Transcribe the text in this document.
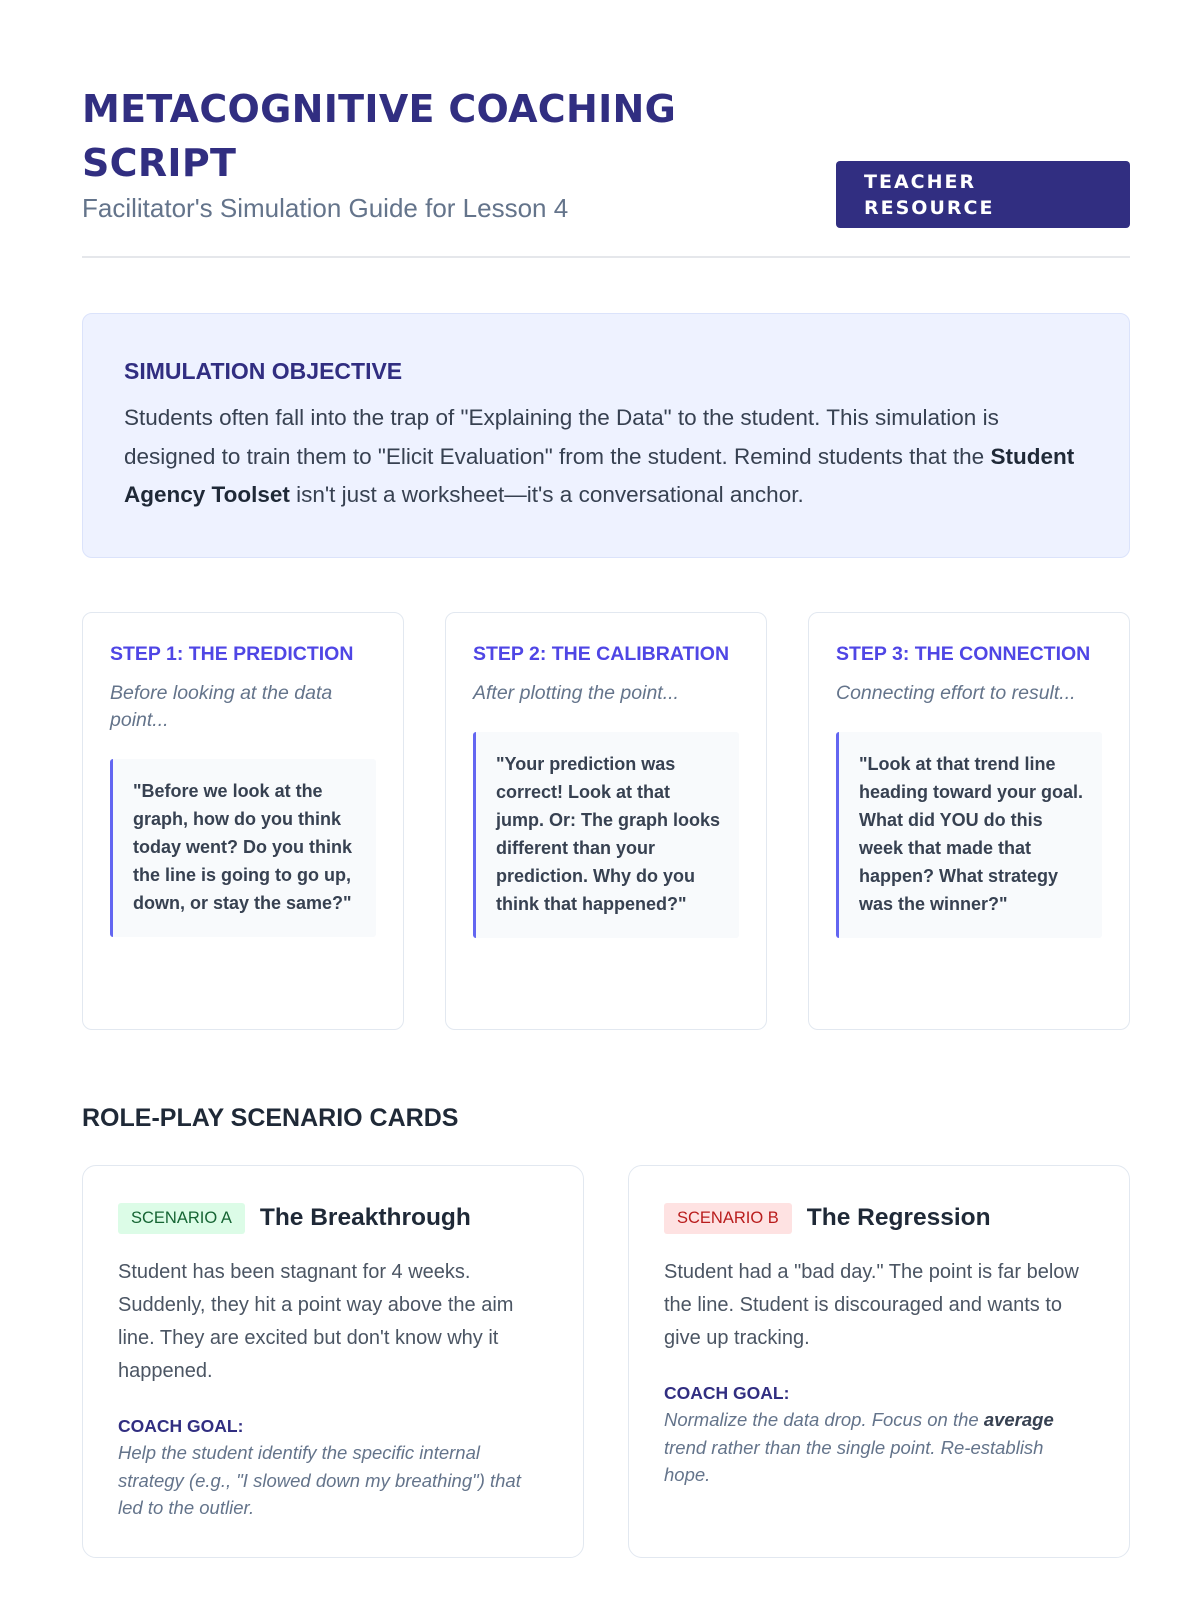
METACOGNITIVE COACHING SCRIPT
Facilitator's Simulation Guide for Lesson 4
TEACHER RESOURCE
SIMULATION OBJECTIVE

Students often fall into the trap of "Explaining the Data" to the student. This simulation is designed to train them to "Elicit Evaluation" from the student. Remind students that the Student Agency Toolset isn't just a worksheet—it's a conversational anchor.

STEP 1: THE PREDICTION
Before looking at the data point...
"Before we look at the graph, how do you think today went? Do you think the line is going to go up, down, or stay the same?"
STEP 2: THE CALIBRATION
After plotting the point...
"Your prediction was correct! Look at that jump. Or: The graph looks different than your prediction. Why do you think that happened?"
STEP 3: THE CONNECTION
Connecting effort to result...
"Look at that trend line heading toward your goal. What did YOU do this week that made that happen? What strategy was the winner?"
ROLE-PLAY SCENARIO CARDS
SCENARIO A	The Breakthrough

Student has been stagnant for 4 weeks. Suddenly, they hit a point way above the aim line. They are excited but don't know why it happened.

COACH GOAL:

Help the student identify the specific internal strategy (e.g., "I slowed down my breathing") that led to the outlier.

SCENARIO B	The Regression

Student had a "bad day." The point is far below the line. Student is discouraged and wants to give up tracking.

COACH GOAL:

Normalize the data drop. Focus on the average trend rather than the single point. Re-establish hope.
